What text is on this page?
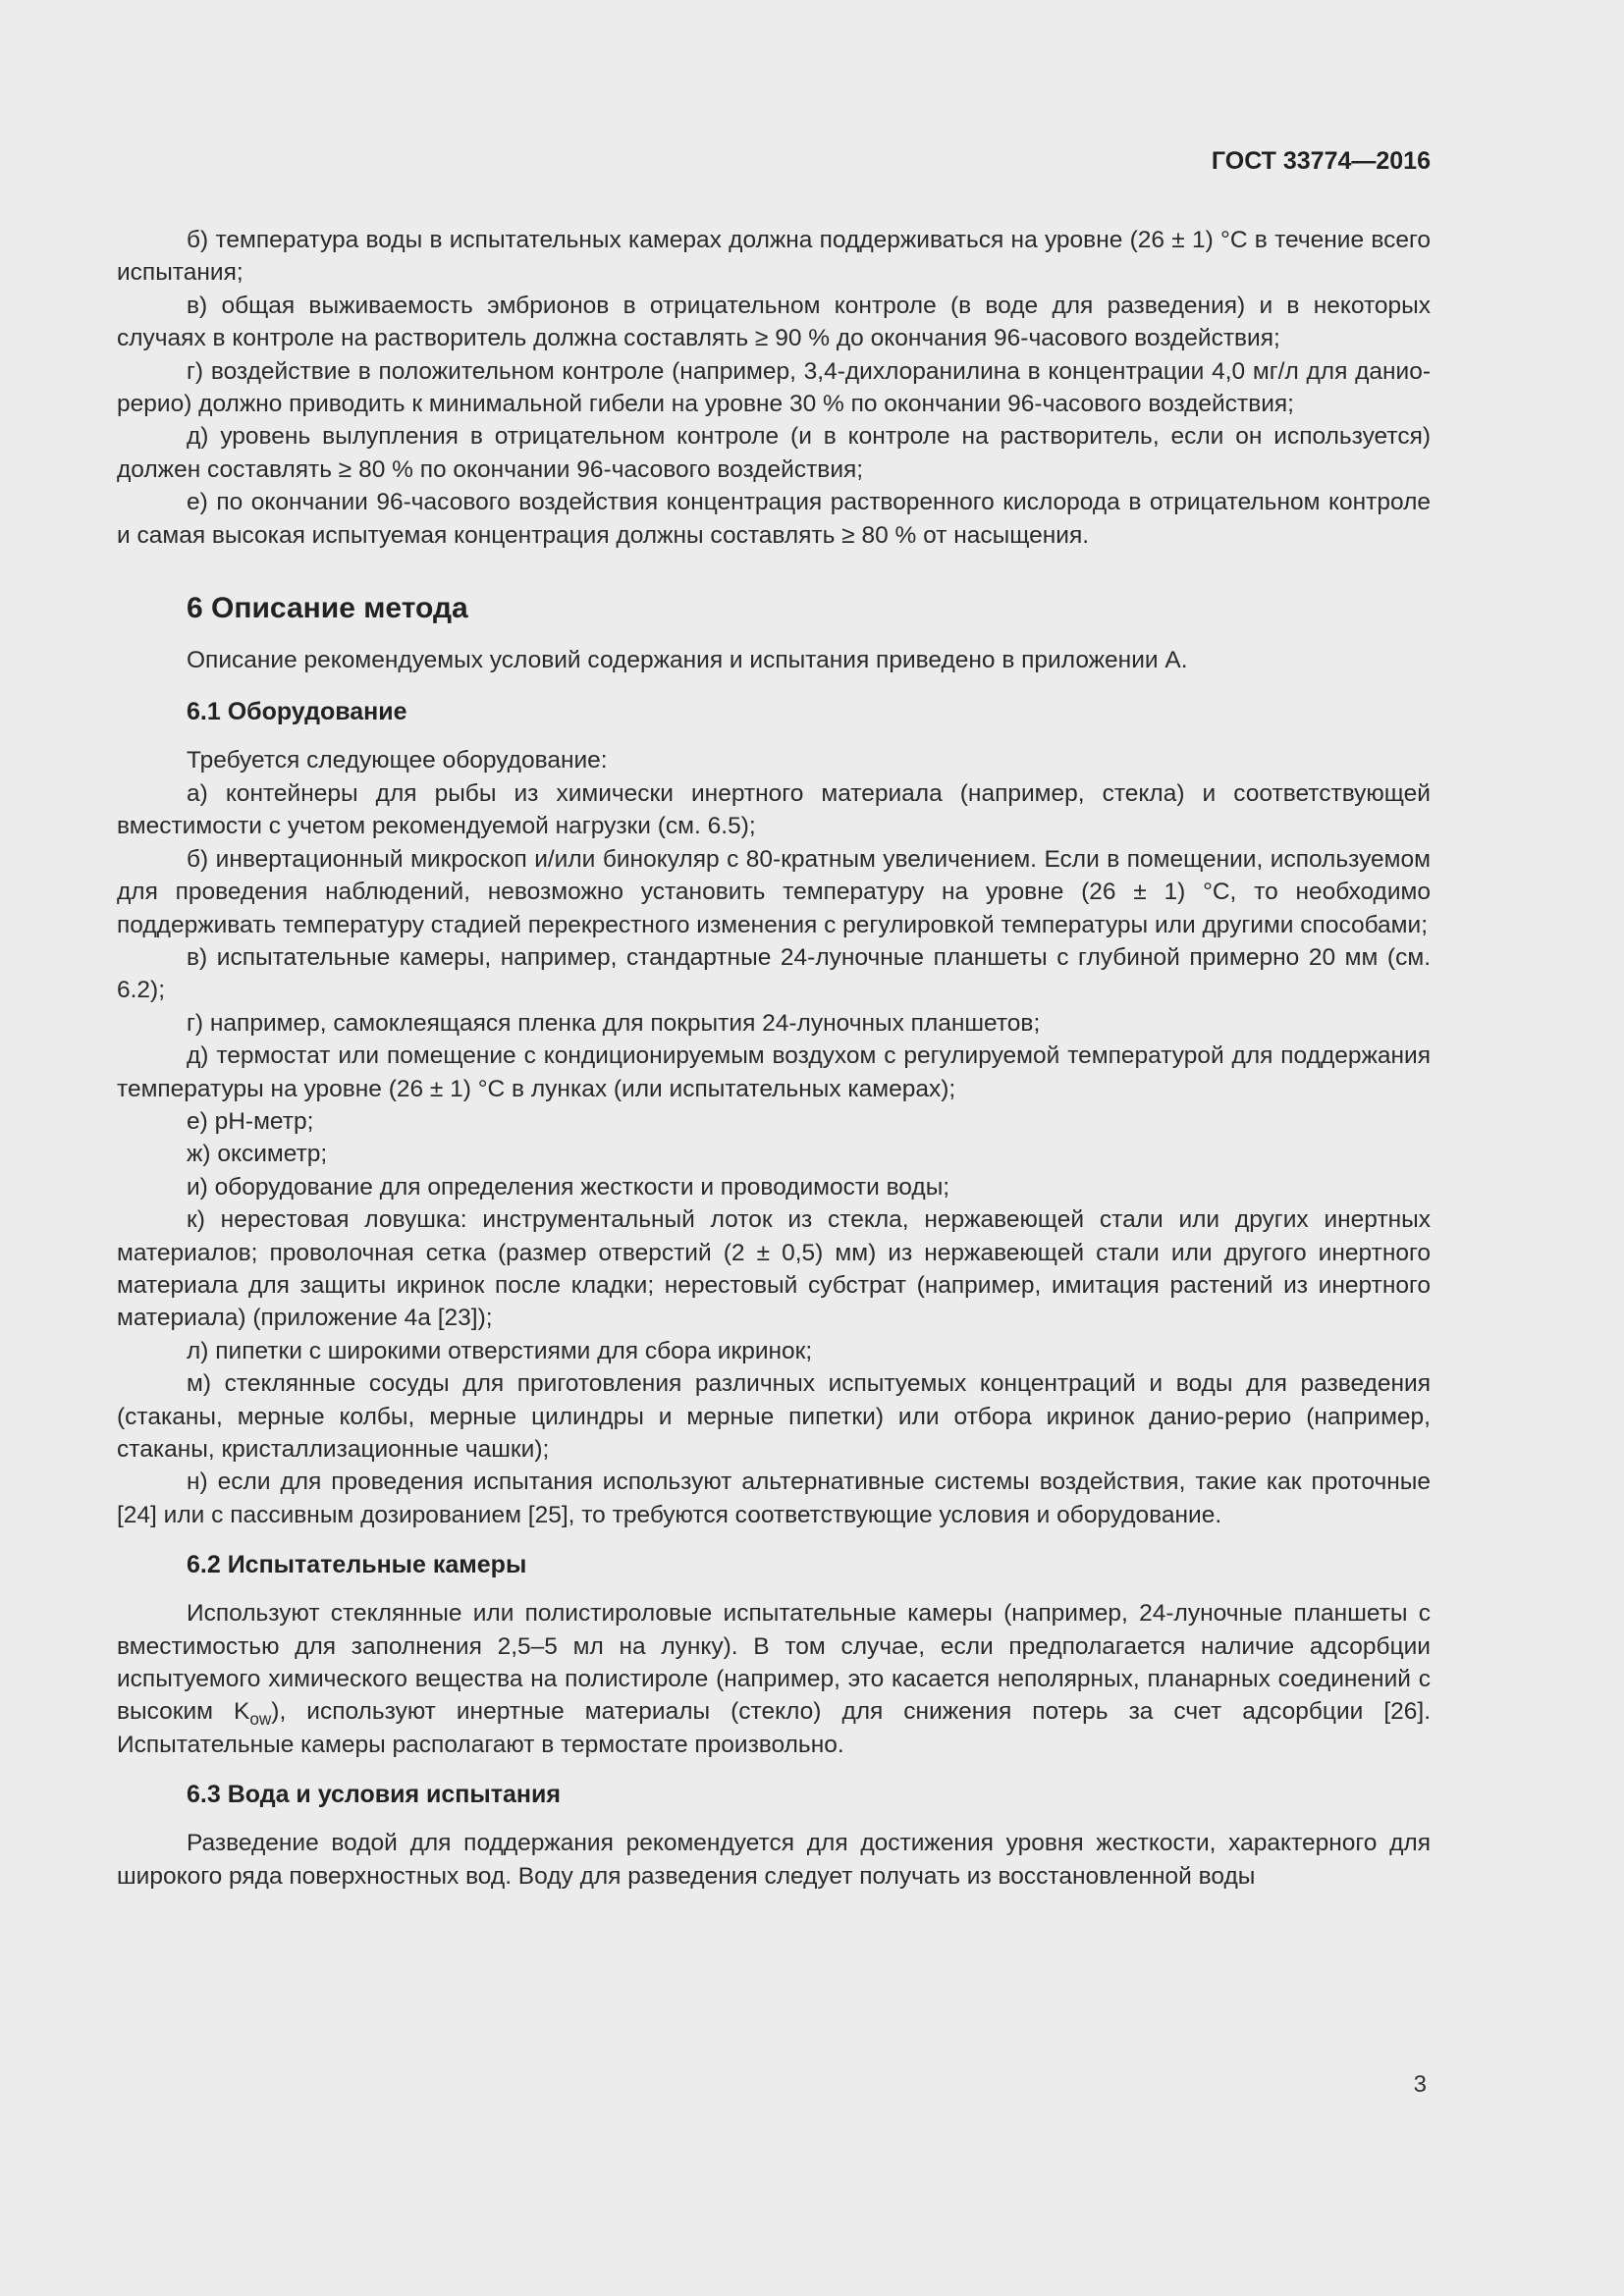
ГОСТ 33774—2016

б) температура воды в испытательных камерах должна поддерживаться на уровне (26 ± 1) °С в течение всего испытания;

в) общая выживаемость эмбрионов в отрицательном контроле (в воде для разведения) и в некоторых случаях в контроле на растворитель должна составлять ≥ 90 % до окончания 96-часового воздействия;

г) воздействие в положительном контроле (например, 3,4-дихлоранилина в концентрации 4,0 мг/л для данио-рерио) должно приводить к минимальной гибели на уровне 30 % по окончании 96-часового воздействия;

д) уровень вылупления в отрицательном контроле (и в контроле на растворитель, если он используется) должен составлять ≥ 80 % по окончании 96-часового воздействия;

е) по окончании 96-часового воздействия концентрация растворенного кислорода в отрицательном контроле и самая высокая испытуемая концентрация должны составлять ≥ 80 % от насыщения.

6 Описание метода

Описание рекомендуемых условий содержания и испытания приведено в приложении А.

6.1 Оборудование

Требуется следующее оборудование:

а) контейнеры для рыбы из химически инертного материала (например, стекла) и соответствующей вместимости с учетом рекомендуемой нагрузки (см. 6.5);

б) инвертационный микроскоп и/или бинокуляр с 80-кратным увеличением. Если в помещении, используемом для проведения наблюдений, невозможно установить температуру на уровне (26 ± 1) °С, то необходимо поддерживать температуру стадией перекрестного изменения с регулировкой температуры или другими способами;

в) испытательные камеры, например, стандартные 24-луночные планшеты с глубиной примерно 20 мм (см. 6.2);

г) например, самоклеящаяся пленка для покрытия 24-луночных планшетов;

д) термостат или помещение с кондиционируемым воздухом с регулируемой температурой для поддержания температуры на уровне (26 ± 1) °С в лунках (или испытательных камерах);

е) pH-метр;

ж) оксиметр;

и) оборудование для определения жесткости и проводимости воды;

к) нерестовая ловушка: инструментальный лоток из стекла, нержавеющей стали или других инертных материалов; проволочная сетка (размер отверстий (2 ± 0,5) мм) из нержавеющей стали или другого инертного материала для защиты икринок после кладки; нерестовый субстрат (например, имитация растений из инертного материала) (приложение 4а [23]);

л) пипетки с широкими отверстиями для сбора икринок;

м) стеклянные сосуды для приготовления различных испытуемых концентраций и воды для разведения (стаканы, мерные колбы, мерные цилиндры и мерные пипетки) или отбора икринок данио-рерио (например, стаканы, кристаллизационные чашки);

н) если для проведения испытания используют альтернативные системы воздействия, такие как проточные [24] или с пассивным дозированием [25], то требуются соответствующие условия и оборудование.

6.2 Испытательные камеры

Используют стеклянные или полистироловые испытательные камеры (например, 24-луночные планшеты с вместимостью для заполнения 2,5–5 мл на лунку). В том случае, если предполагается наличие адсорбции испытуемого химического вещества на полистироле (например, это касается неполярных, планарных соединений с высоким $K_{ow}$), используют инертные материалы (стекло) для снижения потерь за счет адсорбции [26]. Испытательные камеры располагают в термостате произвольно.

6.3 Вода и условия испытания

Разведение водой для поддержания рекомендуется для достижения уровня жесткости, характерного для широкого ряда поверхностных вод. Воду для разведения следует получать из восстановленной воды

3
